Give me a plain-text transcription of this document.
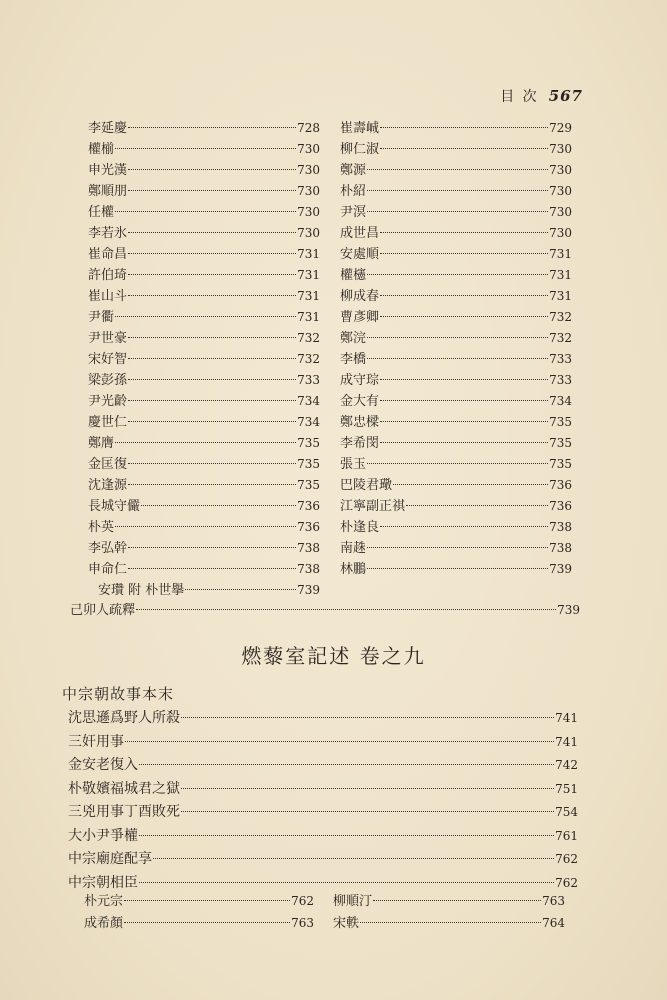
目 次 567
李延慶	728
權椾	730
申光漢	730
鄭順朋	730
任權	730
李若氷	730
崔命昌	731
許伯琦	731
崔山斗	731
尹衢	731
尹世豪	732
宋好智	732
梁彭孫	733
尹光齡	734
慶世仁	734
鄭膺	735
金匡復	735
沈逢源	735
長城守儼	736
朴英	736
李弘幹	738
申命仁	738
安瓚 附 朴世擧	739
崔壽峸	729
柳仁淑	730
鄭源	730
朴紹	730
尹溟	730
成世昌	730
安處順	731
權櫶	731
柳成春	731
曹彥卿	732
鄭浣	732
李橋	733
成守琮	733
金大有	734
鄭忠樑	735
李希閔	735
張玉	735
巴陵君璥	736
江寧副正祺	736
朴逢良	738
南趎	738
林鵬	739
己卯人疏釋	739
燃藜室記述 卷之九
中宗朝故事本末
沈思遜爲野人所殺	741
三奸用事	741
金安老復入	742
朴敬嬪福城君之獄	751
三兇用事丁酉敗死	754
大小尹爭權	761
中宗廟庭配享	762
中宗朝相臣	762
朴元宗	762
成希顏	763
柳順汀	763
宋軼	764
